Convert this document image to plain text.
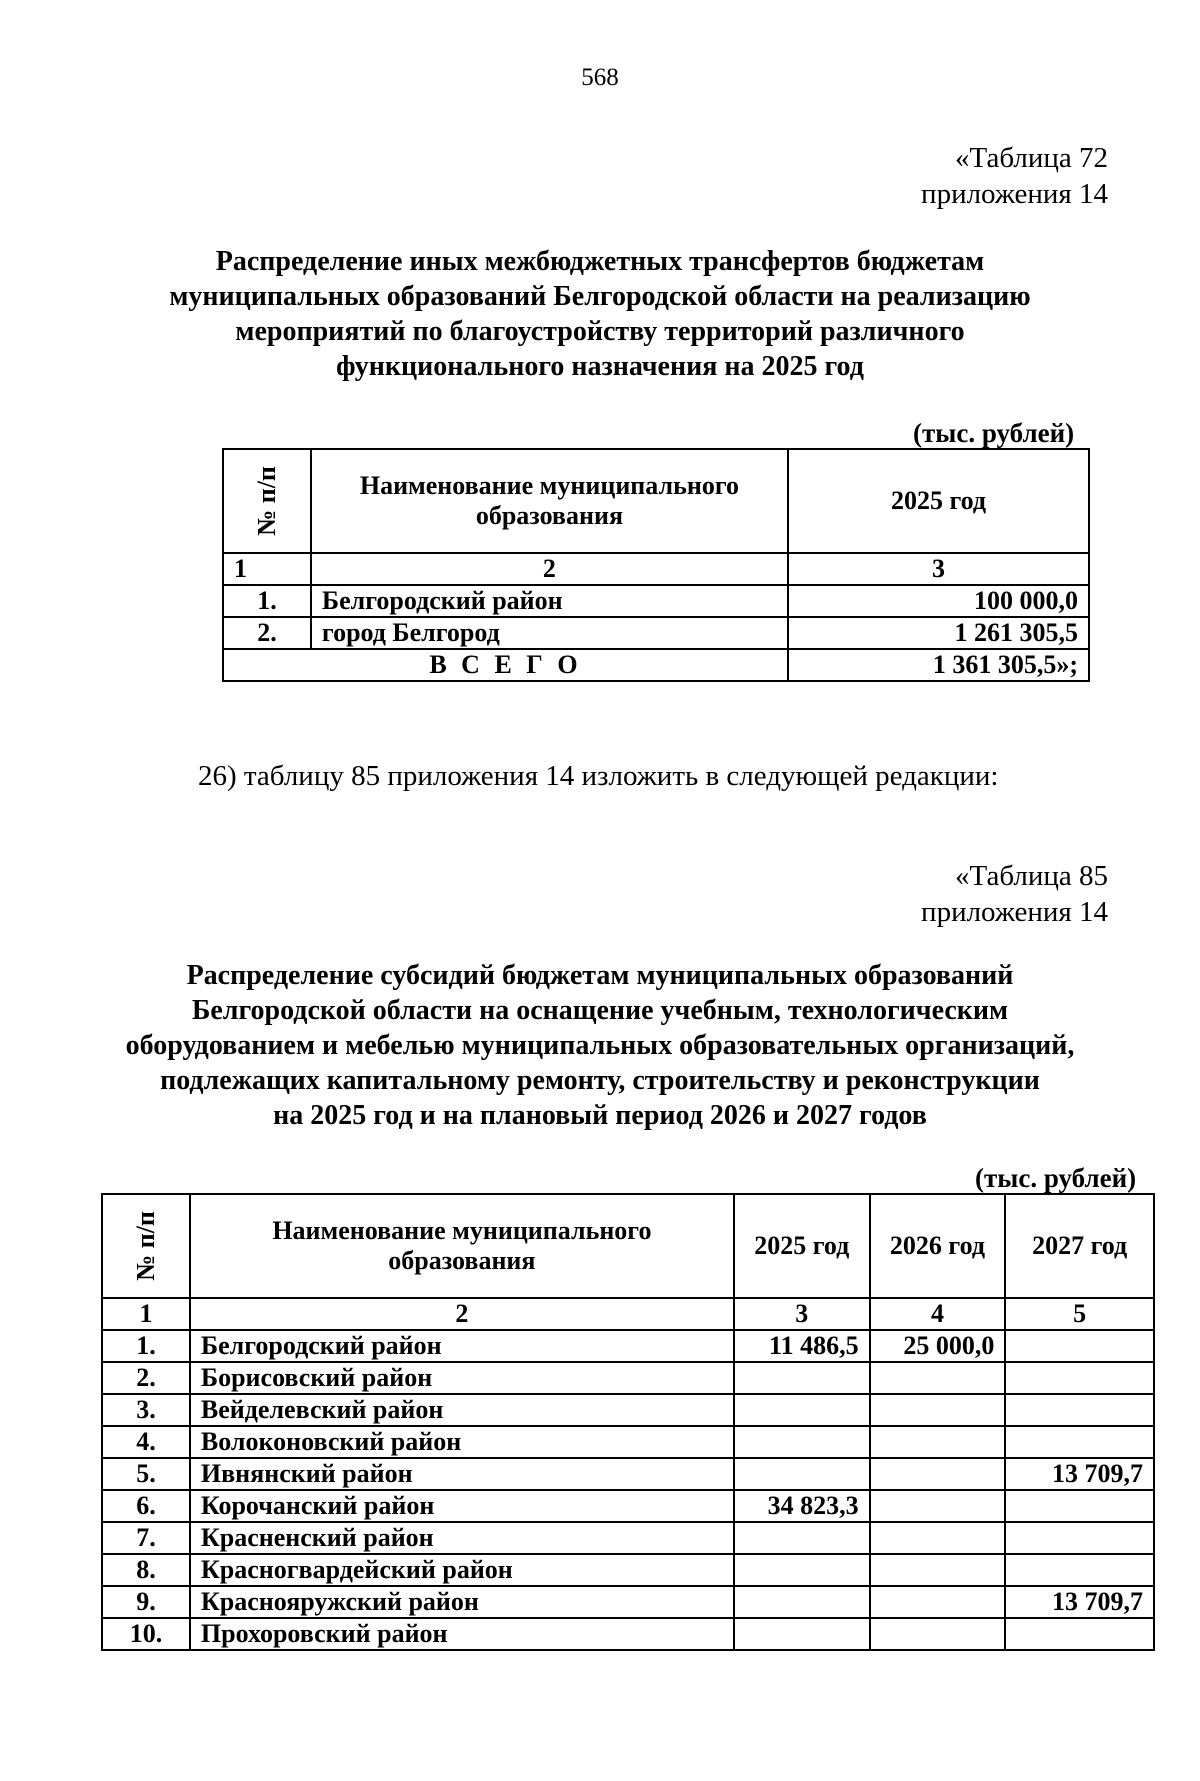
568
«Таблица 72
приложения 14
Распределение иных межбюджетных трансфертов бюджетам
муниципальных образований Белгородской области на реализацию
мероприятий по благоустройству территорий различного
функционального назначения на 2025 год
(тыс. рублей)
№ п/п	Наименование муниципального образования	2025 год
1	2	3
1.	Белгородский район	100 000,0
2.	город Белгород	1 261 305,5
В С Е Г О		1 361 305,5»;
26) таблицу 85 приложения 14 изложить в следующей редакции:
«Таблица 85
приложения 14
Распределение субсидий бюджетам муниципальных образований
Белгородской области на оснащение учебным, технологическим
оборудованием и мебелью муниципальных образовательных организаций,
подлежащих капитальному ремонту, строительству и реконструкции
на 2025 год и на плановый период 2026 и 2027 годов
(тыс. рублей)
№ п/п	Наименование муниципального образования	2025 год	2026 год	2027 год
1	2	3	4	5
1.	Белгородский район	11 486,5	25 000,0	
2.	Борисовский район			
3.	Вейделевский район			
4.	Волоконовский район			
5.	Ивнянский район			13 709,7
6.	Корочанский район	34 823,3		
7.	Красненский район			
8.	Красногвардейский район			
9.	Краснояружский район			13 709,7
10.	Прохоровский район			
